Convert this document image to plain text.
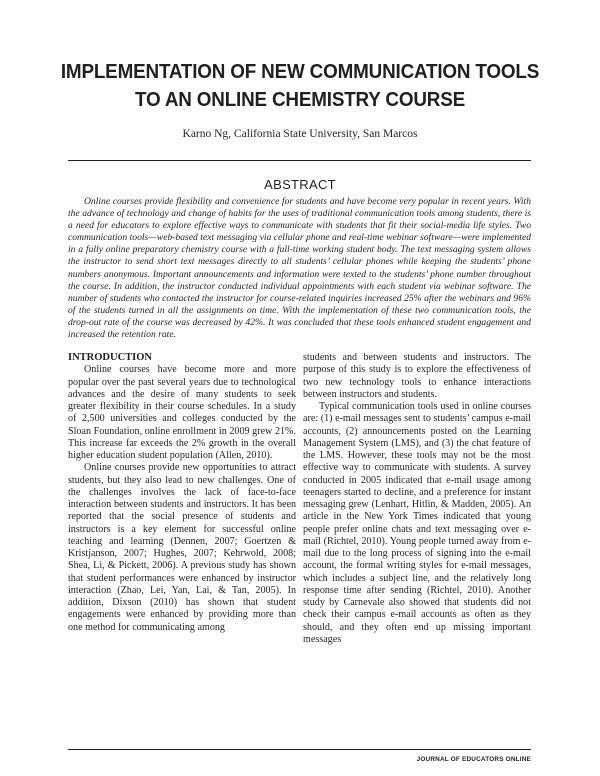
IMPLEMENTATION OF NEW COMMUNICATION TOOLS
TO AN ONLINE CHEMISTRY COURSE
Karno Ng, California State University, San Marcos
ABSTRACT

Online courses provide flexibility and convenience for students and have become very popular in recent years. With the advance of technology and change of habits for the uses of traditional communication tools among students, there is a need for educators to explore effective ways to communicate with students that fit their social-media life styles. Two communication tools—web-based text messaging via cellular phone and real-time webinar software—were implemented in a fully online preparatory chemistry course with a full-time working student body. The text messaging system allows the instructor to send short text messages directly to all students’ cellular phones while keeping the students’ phone numbers anonymous. Important announcements and information were texted to the students’ phone number throughout the course. In addition, the instructor conducted individual appointments with each student via webinar software. The number of students who contacted the instructor for course-related inquiries increased 25% after the webinars and 96% of the students turned in all the assignments on time. With the implementation of these two communication tools, the drop-out rate of the course was decreased by 42%. It was concluded that these tools enhanced student engagement and increased the retention rate.

INTRODUCTION

Online courses have become more and more popular over the past several years due to technological advances and the desire of many students to seek greater flexibility in their course schedules. In a study of 2,500 universities and colleges conducted by the Sloan Foundation, online enrollment in 2009 grew 21%. This increase far exceeds the 2% growth in the overall higher education student population (Allen, 2010).

Online courses provide new opportunities to attract students, but they also lead to new challenges. One of the challenges involves the lack of face-to-face interaction between students and instructors. It has been reported that the social presence of students and instructors is a key element for successful online teaching and learning (Dennen, 2007; Goertzen & Kristjanson, 2007; Hughes, 2007; Kehrwold, 2008; Shea, Li, & Pickett, 2006). A previous study has shown that student performances were enhanced by instructor interaction (Zhao, Lei, Yan, Lai, & Tan, 2005). In addition, Dixson (2010) has shown that student engagements were enhanced by providing more than one method for communicating among

students and between students and instructors. The purpose of this study is to explore the effectiveness of two new technology tools to enhance interactions between instructors and students.

Typical communication tools used in online courses are: (1) e-mail messages sent to students’ campus e-mail accounts, (2) announcements posted on the Learning Management System (LMS), and (3) the chat feature of the LMS. However, these tools may not be the most effective way to communicate with students. A survey conducted in 2005 indicated that e-mail usage among teenagers started to decline, and a preference for instant messaging grew (Lenhart, Hitlin, & Madden, 2005). An article in the New York Times indicated that young people prefer online chats and text messaging over e-mail (Richtel, 2010). Young people turned away from e-mail due to the long process of signing into the e-mail account, the formal writing styles for e-mail messages, which includes a subject line, and the relatively long response time after sending (Richtel, 2010). Another study by Carnevale also showed that students did not check their campus e-mail accounts as often as they should, and they often end up missing important messages

JOURNAL OF EDUCATORS ONLINE
